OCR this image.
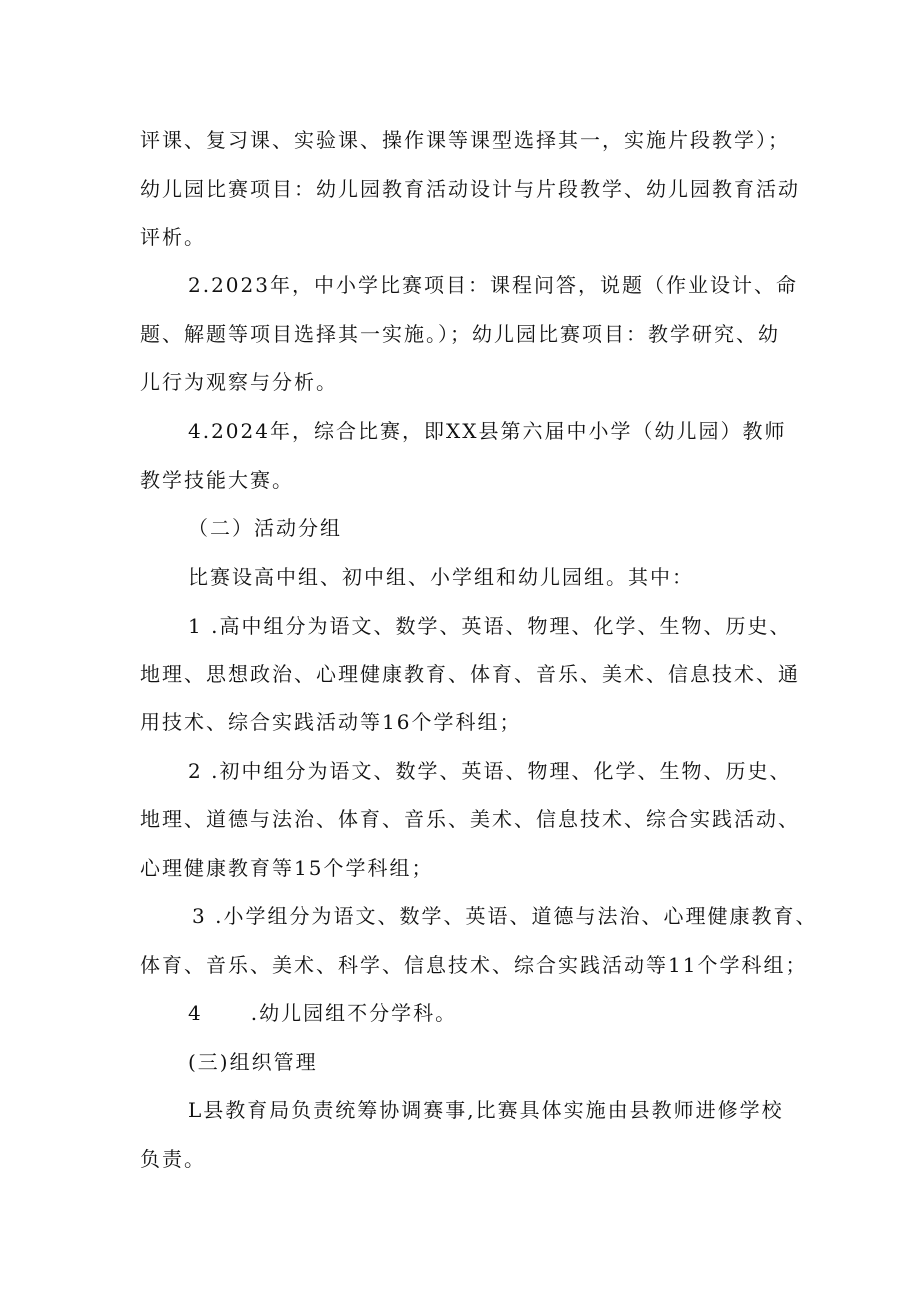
评课、复习课、实验课、操作课等课型选择其一，实施片段教学）；
幼儿园比赛项目：幼儿园教育活动设计与片段教学、幼儿园教育活动
评析。
2.2023年，中小学比赛项目：课程问答，说题（作业设计、命
题、解题等项目选择其一实施。）；幼儿园比赛项目：教学研究、幼
儿行为观察与分析。
4.2024年，综合比赛，即XX县第六届中小学（幼儿园）教师
教学技能大赛。
（二）活动分组
比赛设高中组、初中组、小学组和幼儿园组。其中：
1 .高中组分为语文、数学、英语、物理、化学、生物、历史、
地理、思想政治、心理健康教育、体育、音乐、美术、信息技术、通
用技术、综合实践活动等16个学科组；
2 .初中组分为语文、数学、英语、物理、化学、生物、历史、
地理、道德与法治、体育、音乐、美术、信息技术、综合实践活动、
心理健康教育等15个学科组；
3 .小学组分为语文、数学、英语、道德与法治、心理健康教育、
体育、音乐、美术、科学、信息技术、综合实践活动等11个学科组；
4 .幼儿园组不分学科。
(三)组织管理
L县教育局负责统筹协调赛事,比赛具体实施由县教师进修学校
负责。
